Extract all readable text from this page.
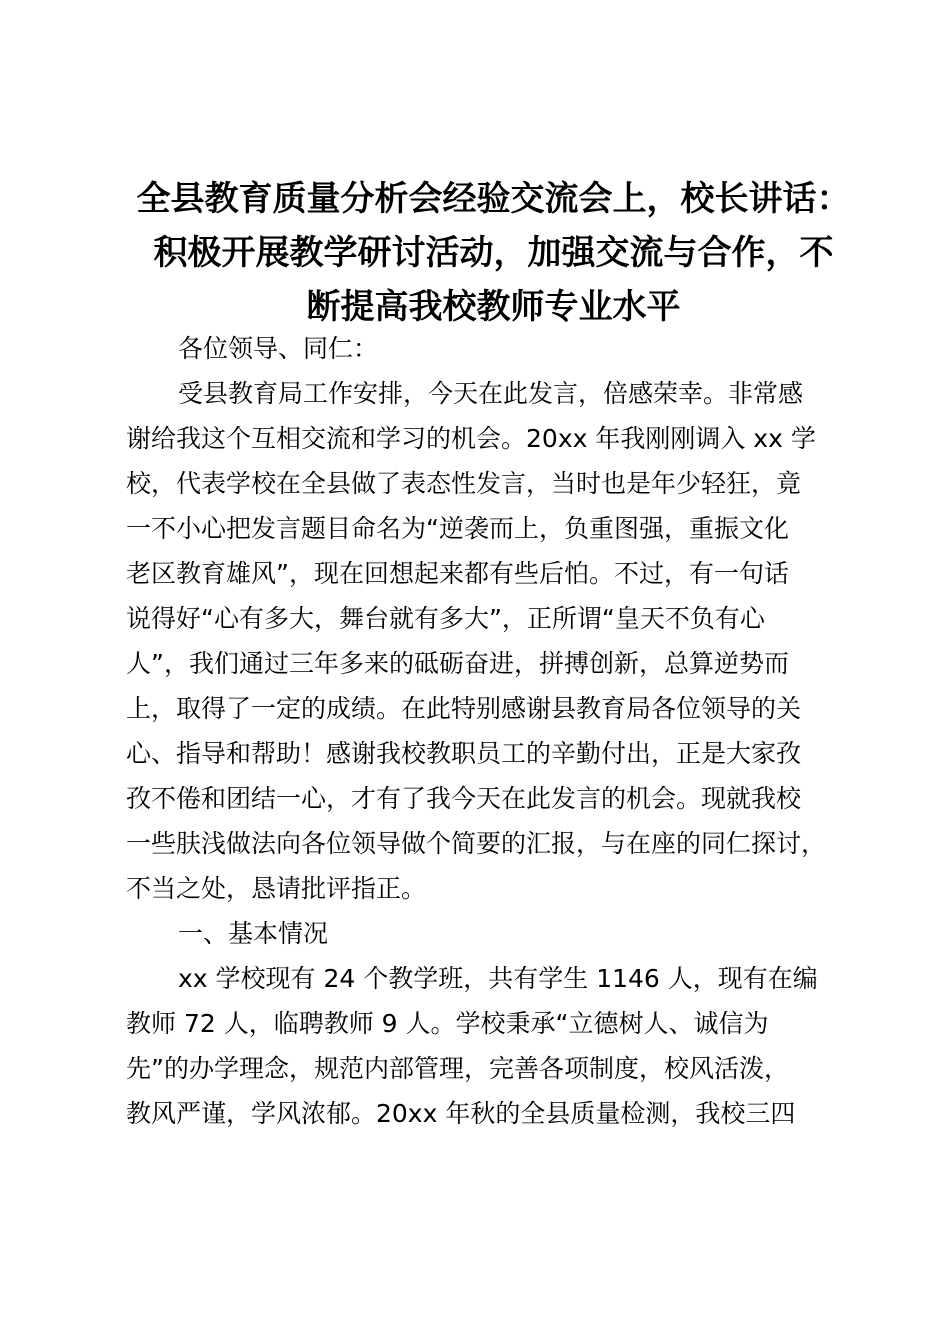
全县教育质量分析会经验交流会上，校长讲话：
积极开展教学研讨活动，加强交流与合作，不
断提高我校教师专业水平

各位领导、同仁：

受县教育局工作安排，今天在此发言，倍感荣幸。非常感
谢给我这个互相交流和学习的机会。20xx 年我刚刚调入 xx 学
校，代表学校在全县做了表态性发言，当时也是年少轻狂，竟
一不小心把发言题目命名为“逆袭而上，负重图强，重振文化
老区教育雄风”，现在回想起来都有些后怕。不过，有一句话
说得好“心有多大，舞台就有多大”，正所谓“皇天不负有心
人”，我们通过三年多来的砥砺奋进，拼搏创新，总算逆势而
上，取得了一定的成绩。在此特别感谢县教育局各位领导的关
心、指导和帮助！感谢我校教职员工的辛勤付出，正是大家孜
孜不倦和团结一心，才有了我今天在此发言的机会。现就我校
一些肤浅做法向各位领导做个简要的汇报，与在座的同仁探讨，
不当之处，恳请批评指正。

一、基本情况

xx 学校现有 24 个教学班，共有学生 1146 人，现有在编
教师 72 人，临聘教师 9 人。学校秉承“立德树人、诚信为
先”的办学理念，规范内部管理，完善各项制度，校风活泼，
教风严谨，学风浓郁。20xx 年秋的全县质量检测，我校三四
